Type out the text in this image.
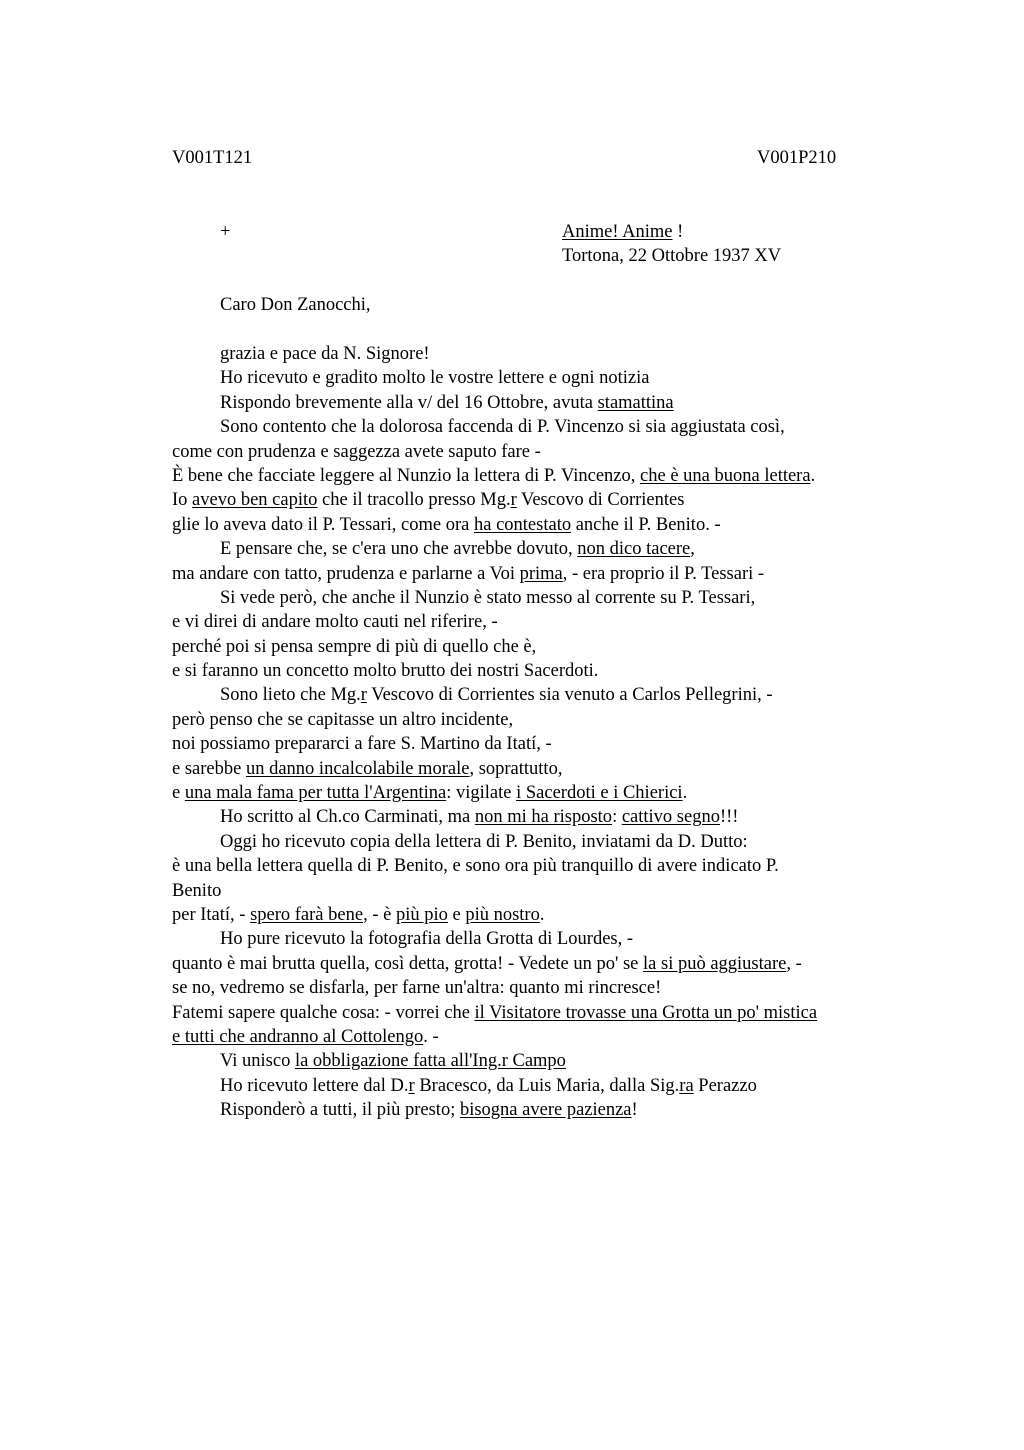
V001T121	V001P210
+	Anime! Anime !
Tortona, 22 Ottobre 1937 XV
Caro Don Zanocchi,
grazia e pace da N. Signore!
Ho ricevuto e gradito molto le vostre lettere e ogni notizia
Rispondo brevemente alla v/ del 16 Ottobre, avuta stamattina
Sono contento che la dolorosa faccenda di P. Vincenzo si sia aggiustata così,
come con prudenza e saggezza avete saputo fare -
È bene che facciate leggere al Nunzio la lettera di P. Vincenzo, che è una buona lettera.
Io avevo ben capito che il tracollo presso Mg.r Vescovo di Corrientes
glie lo aveva dato il P. Tessari, come ora ha contestato anche il P. Benito. -
E pensare che, se c'era uno che avrebbe dovuto, non dico tacere,
ma andare con tatto, prudenza e parlarne a Voi prima, - era proprio il P. Tessari -
Si vede però, che anche il Nunzio è stato messo al corrente su P. Tessari,
e vi direi di andare molto cauti nel riferire, -
perché poi si pensa sempre di più di quello che è,
e si faranno un concetto molto brutto dei nostri Sacerdoti.
Sono lieto che Mg.r Vescovo di Corrientes sia venuto a Carlos Pellegrini, -
però penso che se capitasse un altro incidente,
noi possiamo prepararci a fare S. Martino da Itatí, -
e sarebbe un danno incalcolabile morale, soprattutto,
e una mala fama per tutta l'Argentina: vigilate i Sacerdoti e i Chierici.
Ho scritto al Ch.co Carminati, ma non mi ha risposto: cattivo segno!!!
Oggi ho ricevuto copia della lettera di P. Benito, inviatami da D. Dutto:
è una bella lettera quella di P. Benito, e sono ora più tranquillo di avere indicato P.
Benito
per Itatí, - spero farà bene, - è più pio e più nostro.
Ho pure ricevuto la fotografia della Grotta di Lourdes, -
quanto è mai brutta quella, così detta, grotta! - Vedete un po' se la si può aggiustare, -
se no, vedremo se disfarla, per farne un'altra: quanto mi rincresce!
Fatemi sapere qualche cosa: - vorrei che il Visitatore trovasse una Grotta un po' mistica
e tutti che andranno al Cottolengo. -
Vi unisco la obbligazione fatta all'Ing.r Campo
Ho ricevuto lettere dal D.r Bracesco, da Luis Maria, dalla Sig.ra Perazzo
Risponderò a tutti, il più presto; bisogna avere pazienza!
